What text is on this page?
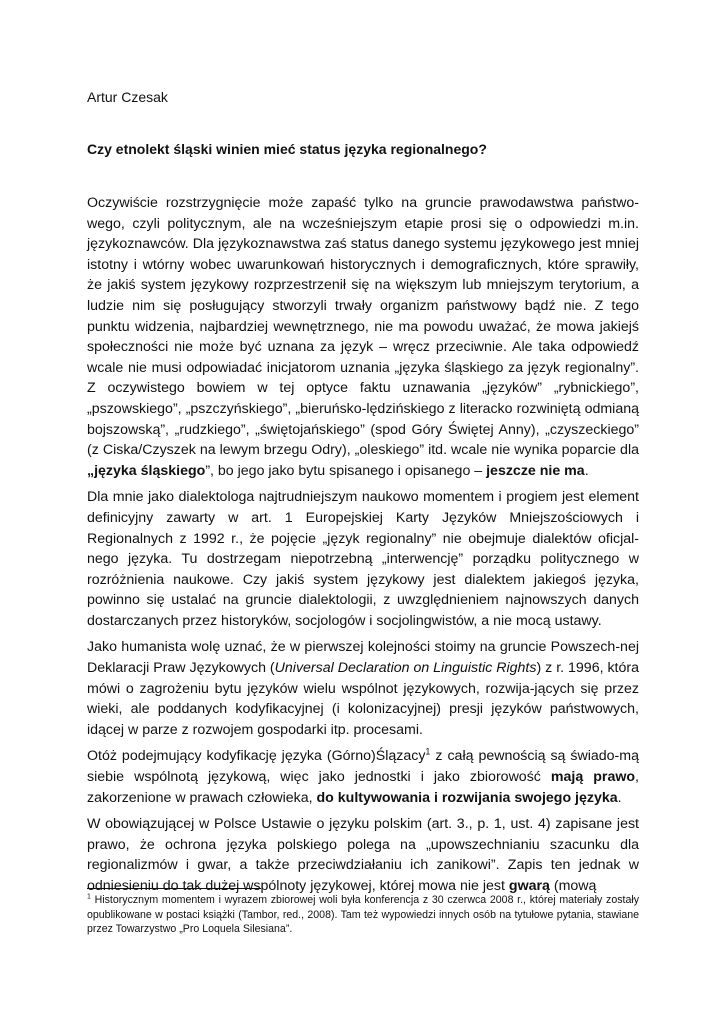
Artur Czesak
Czy etnolekt śląski winien mieć status języka regionalnego?

Oczywiście rozstrzygnięcie może zapaść tylko na gruncie prawodawstwa państwo-wego, czyli politycznym, ale na wcześniejszym etapie prosi się o odpowiedzi m.in. językoznawców. Dla językoznawstwa zaś status danego systemu językowego jest mniej istotny i wtórny wobec uwarunkowań historycznych i demograficznych, które sprawiły, że jakiś system językowy rozprzestrzenił się na większym lub mniejszym terytorium, a ludzie nim się posługujący stworzyli trwały organizm państwowy bądź nie. Z tego punktu widzenia, najbardziej wewnętrznego, nie ma powodu uważać, że mowa jakiejś społeczności nie może być uznana za język – wręcz przeciwnie. Ale taka odpowiedź wcale nie musi odpowiadać inicjatorom uznania „języka śląskiego za język regionalny”. Z oczywistego bowiem w tej optyce faktu uznawania „języków” „rybnickiego”, „pszowskiego”, „pszczyńskiego”, „bieruńsko-lędzińskiego z literacko rozwiniętą odmianą bojszowską”, „rudzkiego”, „świętojańskiego” (spod Góry Świętej Anny), „czyszeckiego” (z Ciska/Czyszek na lewym brzegu Odry), „oleskiego” itd. wcale nie wynika poparcie dla „języka śląskiego”, bo jego jako bytu spisanego i opisanego – jeszcze nie ma.

Dla mnie jako dialektologa najtrudniejszym naukowo momentem i progiem jest element definicyjny zawarty w art. 1 Europejskiej Karty Języków Mniejszościowych i Regionalnych z 1992 r., że pojęcie „język regionalny” nie obejmuje dialektów oficjal-nego języka. Tu dostrzegam niepotrzebną „interwencję” porządku politycznego w rozróżnienia naukowe. Czy jakiś system językowy jest dialektem jakiegoś języka, powinno się ustalać na gruncie dialektologii, z uwzględnieniem najnowszych danych dostarczanych przez historyków, socjologów i socjolingwistów, a nie mocą ustawy.

Jako humanista wolę uznać, że w pierwszej kolejności stoimy na gruncie Powszech-nej Deklaracji Praw Językowych (Universal Declaration on Linguistic Rights) z r. 1996, która mówi o zagrożeniu bytu języków wielu wspólnot językowych, rozwija-jących się przez wieki, ale poddanych kodyfikacyjnej (i kolonizacyjnej) presji języków państwowych, idącej w parze z rozwojem gospodarki itp. procesami.

Otóż podejmujący kodyfikację języka (Górno)Ślązacy$^1$ z całą pewnością są świado-mą siebie wspólnotą językową, więc jako jednostki i jako zbiorowość mają prawo, zakorzenione w prawach człowieka, do kultywowania i rozwijania swojego języka.

W obowiązującej w Polsce Ustawie o języku polskim (art. 3., p. 1, ust. 4) zapisane jest prawo, że ochrona języka polskiego polega na „upowszechnianiu szacunku dla regionalizmów i gwar, a także przeciwdziałaniu ich zanikowi”. Zapis ten jednak w odniesieniu do tak dużej wspólnoty językowej, której mowa nie jest gwarą (mową

$^1$ Historycznym momentem i wyrazem zbiorowej woli była konferencja z 30 czerwca 2008 r., której materiały zostały opublikowane w postaci książki (Tambor, red., 2008). Tam też wypowiedzi innych osób na tytułowe pytania, stawiane przez Towarzystwo „Pro Loquela Silesiana”.
